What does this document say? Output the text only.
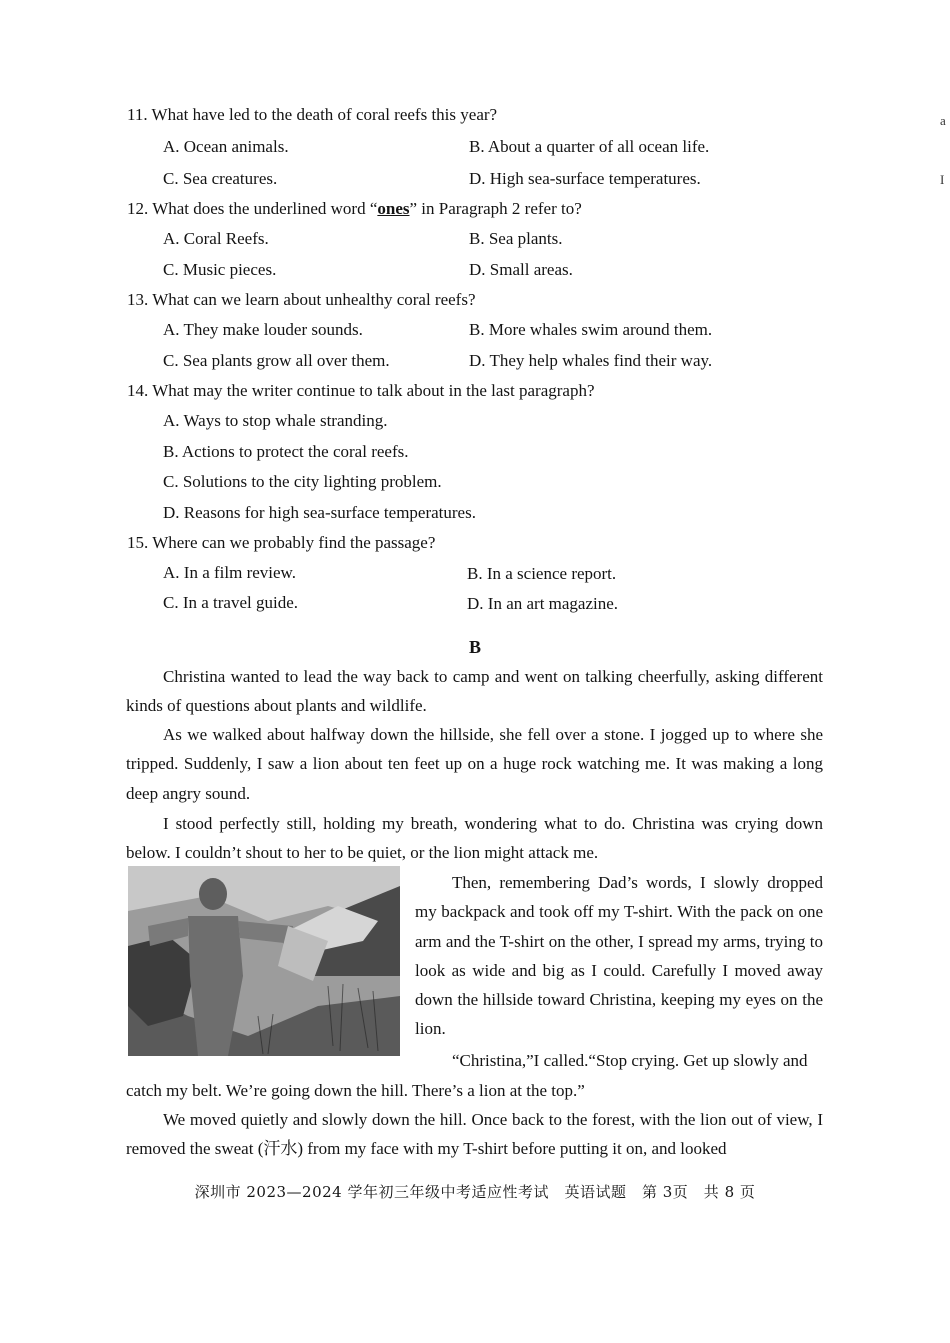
11. What have led to the death of coral reefs this year?
A. Ocean animals.	B. About a quarter of all ocean life.
C. Sea creatures.	D. High sea-surface temperatures.
12. What does the underlined word “ones” in Paragraph 2 refer to?
A. Coral Reefs.	B. Sea plants.
C. Music pieces.	D. Small areas.
13. What can we learn about unhealthy coral reefs?
A. They make louder sounds.	B. More whales swim around them.
C. Sea plants grow all over them.	D. They help whales find their way.
14. What may the writer continue to talk about in the last paragraph?
A. Ways to stop whale stranding.
B. Actions to protect the coral reefs.
C. Solutions to the city lighting problem.
D. Reasons for high sea-surface temperatures.
15. Where can we probably find the passage?
A. In a film review.	B. In a science report.
C. In a travel guide.	D. In an art magazine.
B
Christina wanted to lead the way back to camp and went on talking cheerfully, asking different kinds of questions about plants and wildlife.
As we walked about halfway down the hillside, she fell over a stone. I jogged up to where she tripped. Suddenly, I saw a lion about ten feet up on a huge rock watching me. It was making a long deep angry sound.
I stood perfectly still, holding my breath, wondering what to do. Christina was crying down below. I couldn’t shout to her to be quiet, or the lion might attack me.
Then, remembering Dad’s words, I slowly dropped my backpack and took off my T-shirt. With the pack on one arm and the T-shirt on the other, I spread my arms, trying to look as wide and big as I could. Carefully I moved away down the hillside toward Christina, keeping my eyes on the lion.
“Christina,”I called.“Stop crying. Get up slowly and
catch my belt. We’re going down the hill. There’s a lion at the top.”
We moved quietly and slowly down the hill. Once back to the forest, with the lion out of view, I removed the sweat (汗水) from my face with my T-shirt before putting it on, and looked
深圳市 2023—2024 学年初三年级中考适应性考试　英语试题　第 3页　共 8 页
a
I
